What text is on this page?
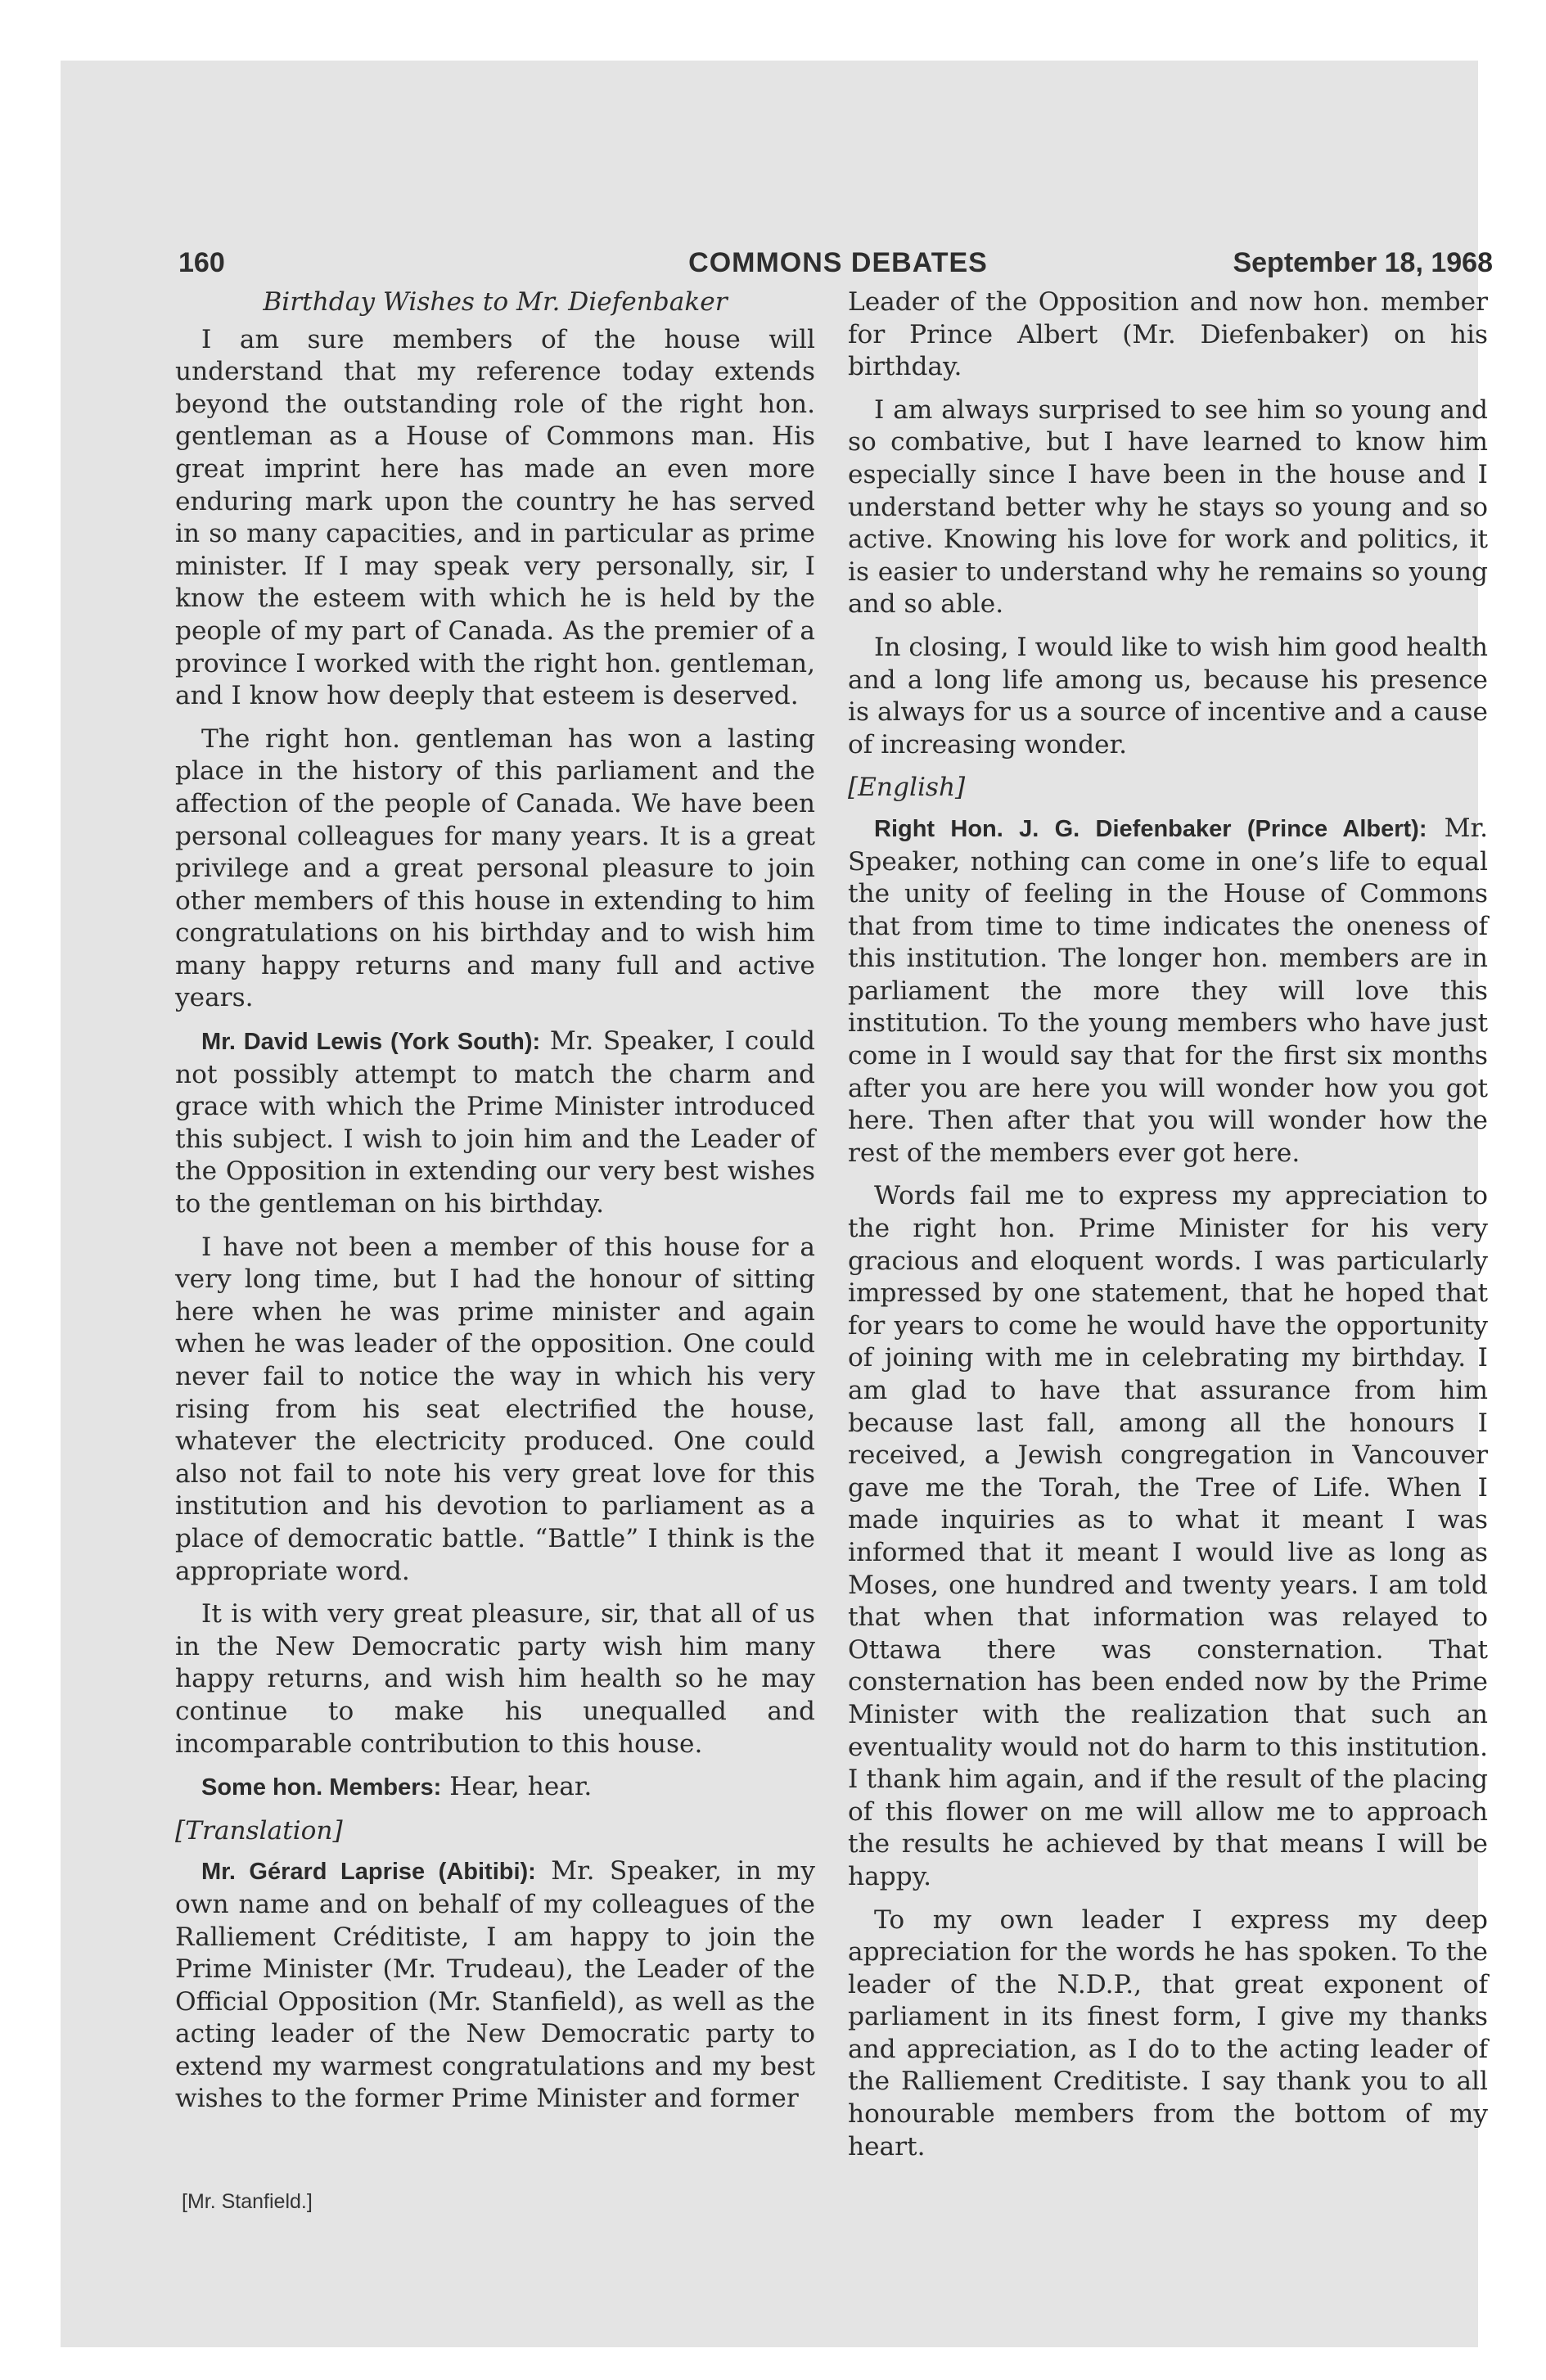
160	COMMONS DEBATES	September 18, 1968
Birthday Wishes to Mr. Diefenbaker

I am sure members of the house will understand that my reference today extends beyond the outstanding role of the right hon. gentleman as a House of Commons man. His great imprint here has made an even more enduring mark upon the country he has served in so many capacities, and in particular as prime minister. If I may speak very personally, sir, I know the esteem with which he is held by the people of my part of Canada. As the premier of a province I worked with the right hon. gentleman, and I know how deeply that esteem is deserved.

The right hon. gentleman has won a lasting place in the history of this parliament and the affection of the people of Canada. We have been personal colleagues for many years. It is a great privilege and a great personal pleasure to join other members of this house in extending to him congratulations on his birthday and to wish him many happy returns and many full and active years.

Mr. David Lewis (York South): Mr. Speaker, I could not possibly attempt to match the charm and grace with which the Prime Minister introduced this subject. I wish to join him and the Leader of the Opposition in extending our very best wishes to the gentleman on his birthday.

I have not been a member of this house for a very long time, but I had the honour of sitting here when he was prime minister and again when he was leader of the opposition. One could never fail to notice the way in which his very rising from his seat electrified the house, whatever the electricity produced. One could also not fail to note his very great love for this institution and his devotion to parliament as a place of democratic battle. “Battle” I think is the appropriate word.

It is with very great pleasure, sir, that all of us in the New Democratic party wish him many happy returns, and wish him health so he may continue to make his unequalled and incomparable contribution to this house.

Some hon. Members: Hear, hear.

[Translation]

Mr. Gérard Laprise (Abitibi): Mr. Speaker, in my own name and on behalf of my colleagues of the Ralliement Créditiste, I am happy to join the Prime Minister (Mr. Trudeau), the Leader of the Official Opposition (Mr. Stanfield), as well as the acting leader of the New Democratic party to extend my warmest congratulations and my best wishes to the former Prime Minister and former

Leader of the Opposition and now hon. member for Prince Albert (Mr. Diefenbaker) on his birthday.

I am always surprised to see him so young and so combative, but I have learned to know him especially since I have been in the house and I understand better why he stays so young and so active. Knowing his love for work and politics, it is easier to understand why he remains so young and so able.

In closing, I would like to wish him good health and a long life among us, because his presence is always for us a source of incentive and a cause of increasing wonder.

[English]

Right Hon. J. G. Diefenbaker (Prince Albert): Mr. Speaker, nothing can come in one’s life to equal the unity of feeling in the House of Commons that from time to time indicates the oneness of this institution. The longer hon. members are in parliament the more they will love this institution. To the young members who have just come in I would say that for the first six months after you are here you will wonder how you got here. Then after that you will wonder how the rest of the members ever got here.

Words fail me to express my appreciation to the right hon. Prime Minister for his very gracious and eloquent words. I was particularly impressed by one statement, that he hoped that for years to come he would have the opportunity of joining with me in celebrating my birthday. I am glad to have that assurance from him because last fall, among all the honours I received, a Jewish congregation in Vancouver gave me the Torah, the Tree of Life. When I made inquiries as to what it meant I was informed that it meant I would live as long as Moses, one hundred and twenty years. I am told that when that information was relayed to Ottawa there was consternation. That consternation has been ended now by the Prime Minister with the realization that such an eventuality would not do harm to this institution. I thank him again, and if the result of the placing of this flower on me will allow me to approach the results he achieved by that means I will be happy.

To my own leader I express my deep appreciation for the words he has spoken. To the leader of the N.D.P., that great exponent of parliament in its finest form, I give my thanks and appreciation, as I do to the acting leader of the Ralliement Creditiste. I say thank you to all honourable members from the bottom of my heart.

[Mr. Stanfield.]
